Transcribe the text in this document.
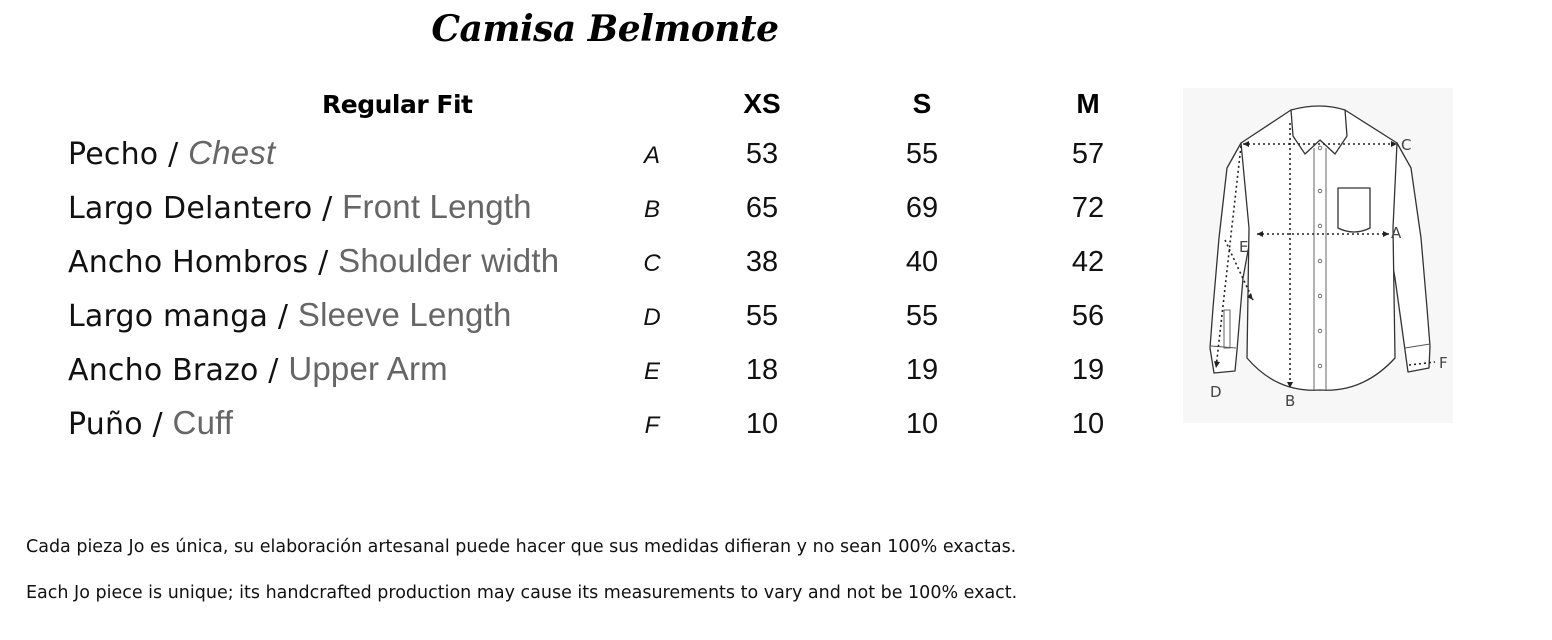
Camisa Belmonte
Regular Fit	XS	S	M
Pecho / Chest	A	53	55	57
Largo Delantero / Front Length	B	65	69	72
Ancho Hombros / Shoulder width	C	38	40	42
Largo manga / Sleeve Length	D	55	55	56
Ancho Brazo / Upper Arm	E	18	19	19
Puño / Cuff	F	10	10	10
A
B
C
D
E
F
Cada pieza Jo es única, su elaboración artesanal puede hacer que sus medidas difieran y no sean 100% exactas.
Each Jo piece is unique; its handcrafted production may cause its measurements to vary and not be 100% exact.
